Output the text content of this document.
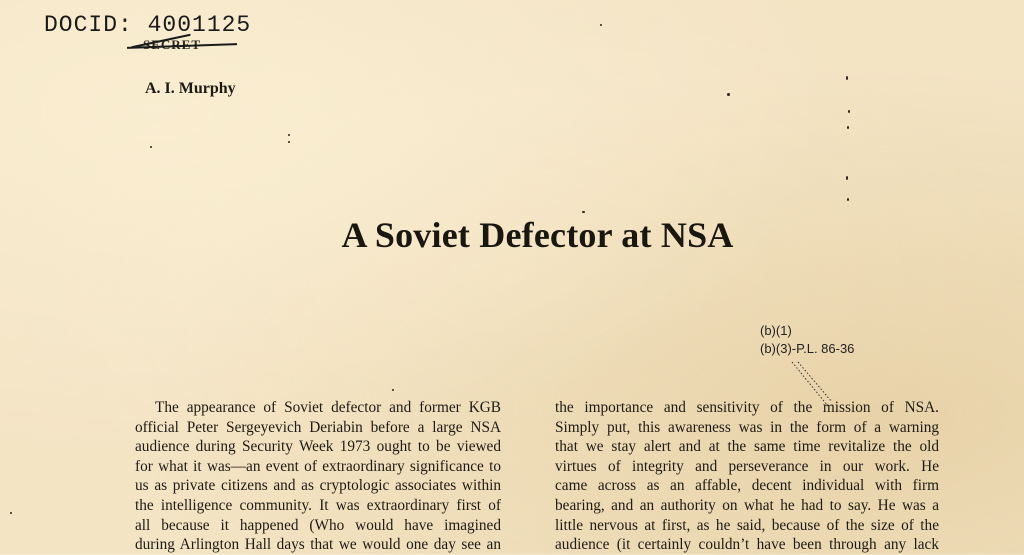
DOCID: 4001125
A. I. Murphy
A Soviet Defector at NSA
(b)(1)
(b)(3)-P.L. 86-36
The appearance of Soviet defector and former KGB
official Peter Sergeyevich Deriabin before a large NSA
audience during Security Week 1973 ought to be viewed
for what it was—an event of extraordinary significance to
us as private citizens and as cryptologic associates within
the intelligence community. It was extraordinary first of
all because it happened (Who would have imagined
during Arlington Hall days that we would one day see an
the importance and sensitivity of the mission of NSA.
Simply put, this awareness was in the form of a warning
that we stay alert and at the same time revitalize the old
virtues of integrity and perseverance in our work. He
came across as an affable, decent individual with firm
bearing, and an authority on what he had to say. He was a
little nervous at first, as he said, because of the size of the
audience (it certainly couldn’t have been through any lack
